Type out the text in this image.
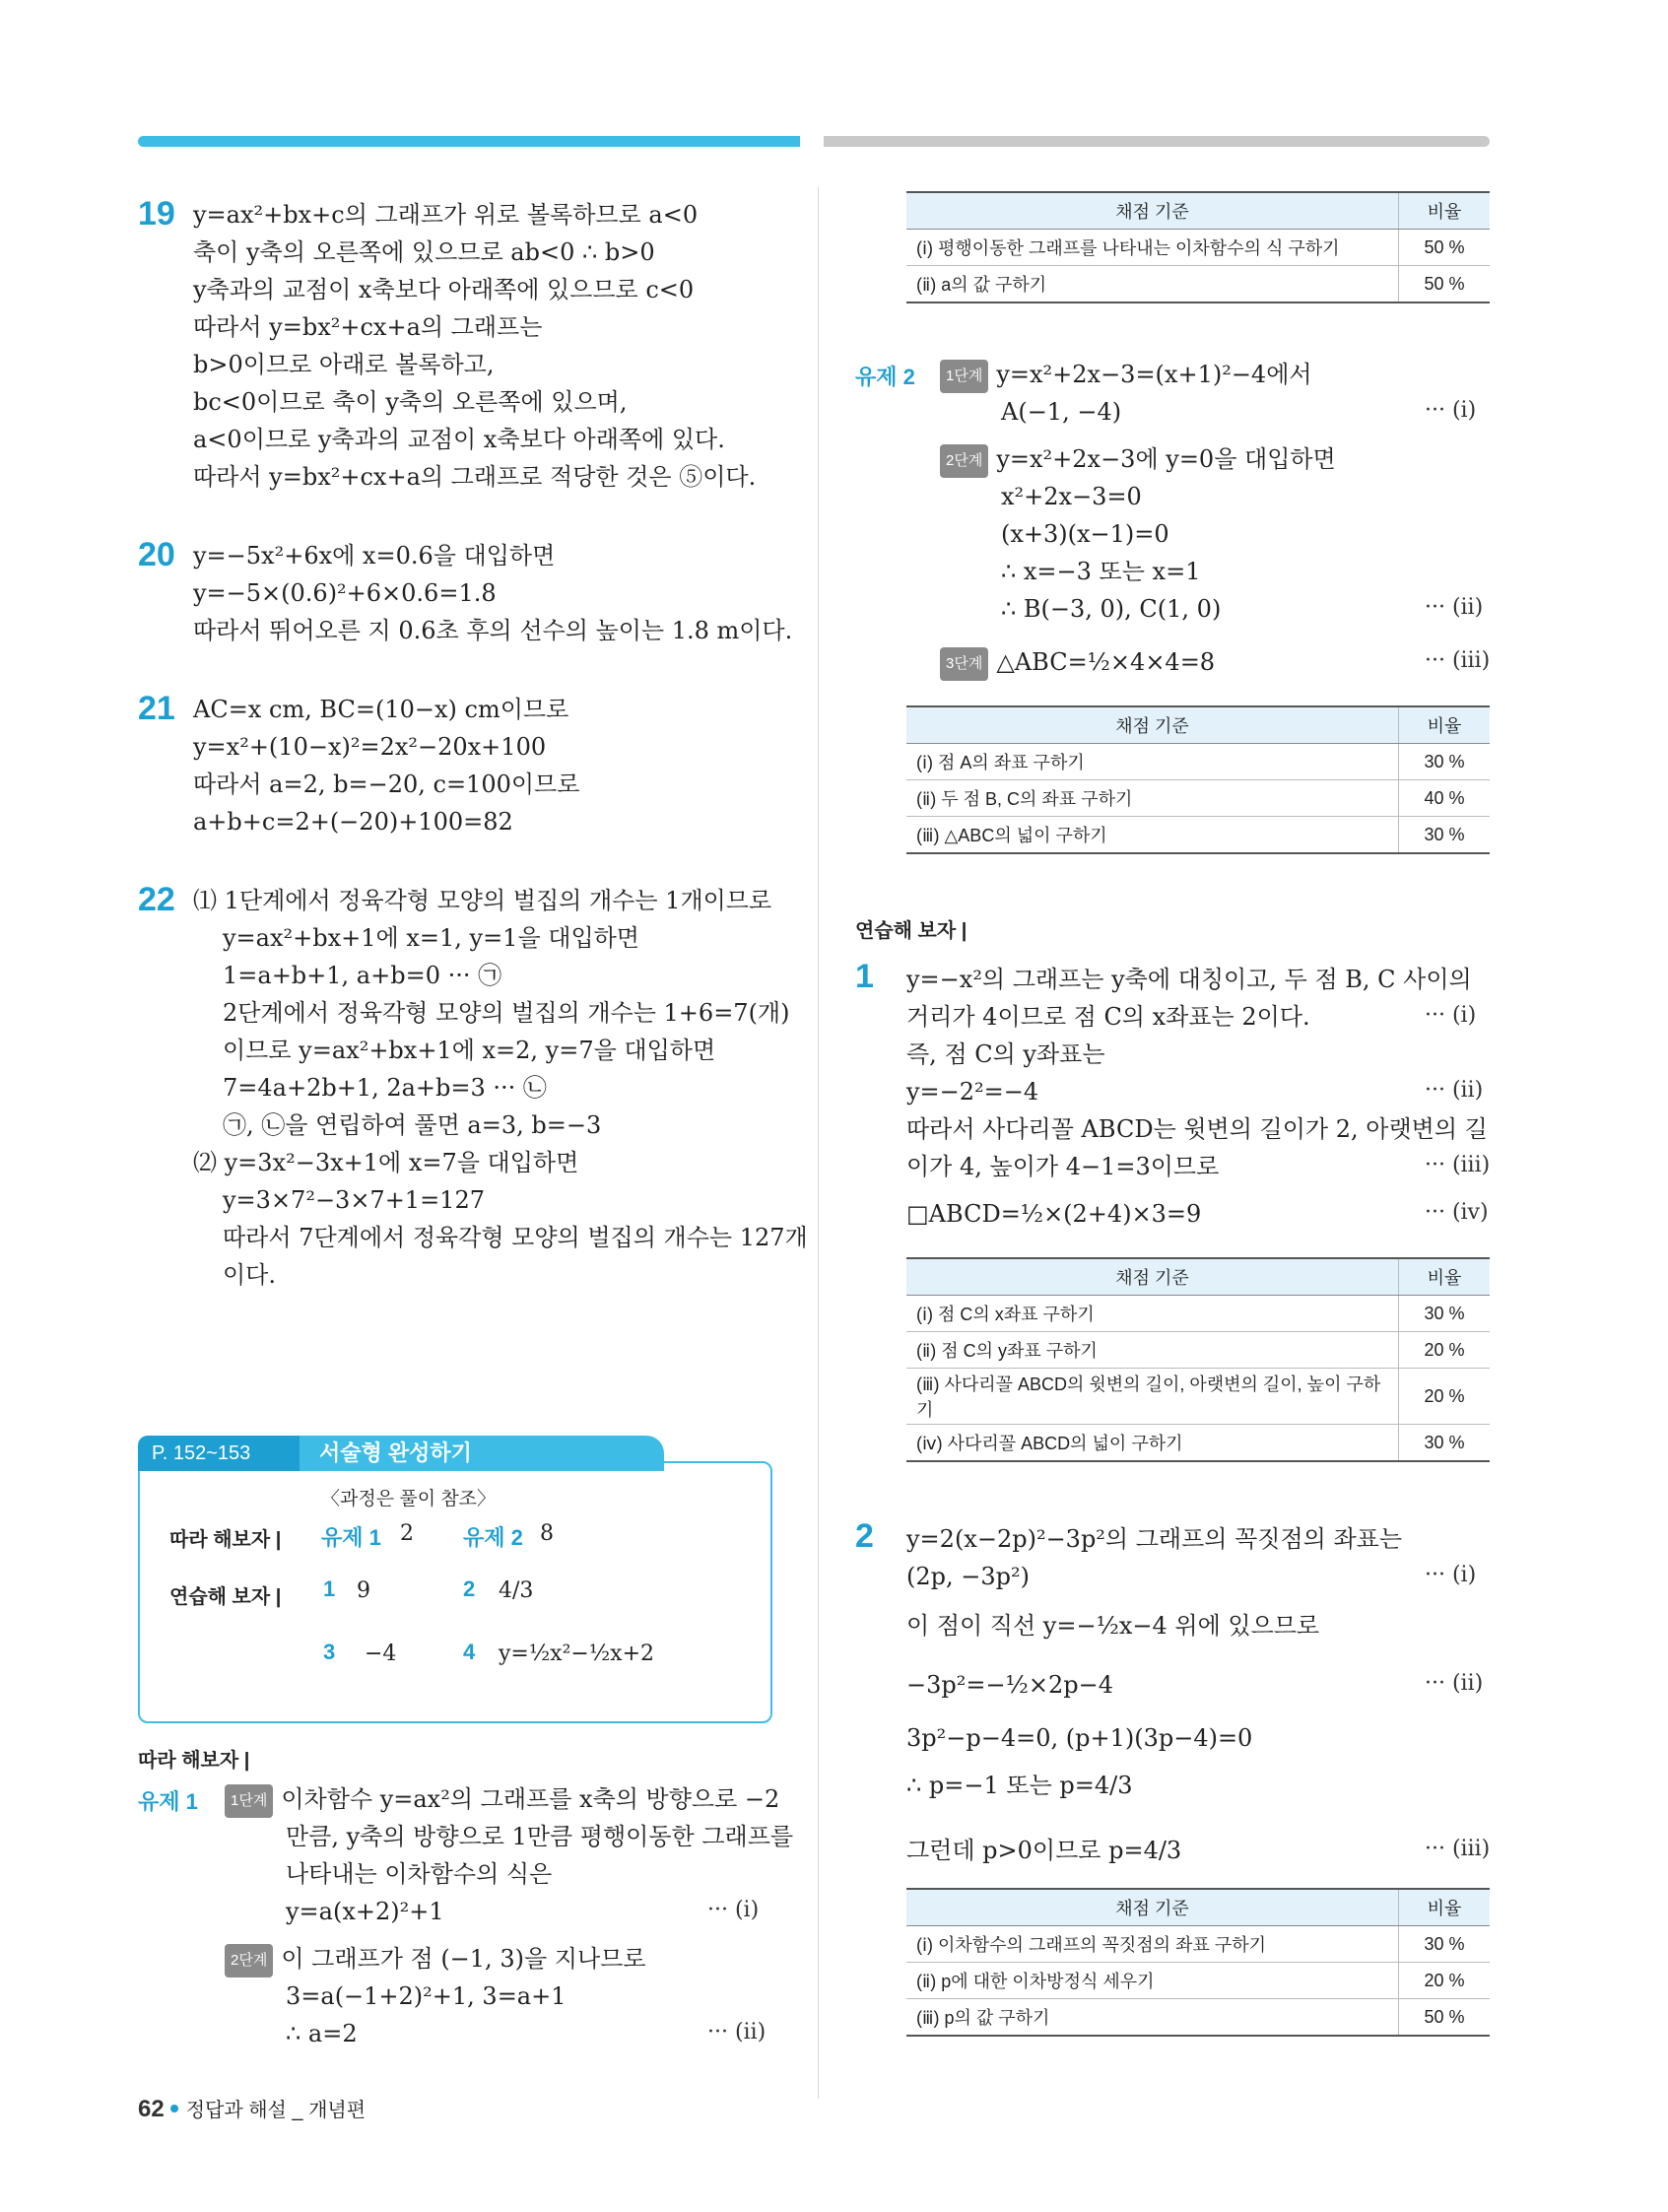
19 y=ax²+bx+c의 그래프가 위로 볼록하므로 a<0
축이 y축의 오른쪽에 있으므로 ab<0 ∴ b>0
y축과의 교점이 x축보다 아래쪽에 있으므로 c<0
따라서 y=bx²+cx+a의 그래프는
b>0이므로 아래로 볼록하고,
bc<0이므로 축이 y축의 오른쪽에 있으며,
a<0이므로 y축과의 교점이 x축보다 아래쪽에 있다.
따라서 y=bx²+cx+a의 그래프로 적당한 것은 ⑤이다.
20 y=−5x²+6x에 x=0.6을 대입하면
y=−5×(0.6)²+6×0.6=1.8
따라서 뛰어오른 지 0.6초 후의 선수의 높이는 1.8 m이다.
21 AC=x cm, BC=(10−x) cm이므로
y=x²+(10−x)²=2x²−20x+100
따라서 a=2, b=−20, c=100이므로
a+b+c=2+(−20)+100=82
22 ⑴ 1단계에서 정육각형 모양의 벌집의 개수는 1개이므로
y=ax²+bx+1에 x=1, y=1을 대입하면
1=a+b+1, a+b=0 ··· ㉠
2단계에서 정육각형 모양의 벌집의 개수는 1+6=7(개)
이므로 y=ax²+bx+1에 x=2, y=7을 대입하면
7=4a+2b+1, 2a+b=3 ··· ㉡
㉠, ㉡을 연립하여 풀면 a=3, b=−3
⑵ y=3x²−3x+1에 x=7을 대입하면
y=3×7²−3×7+1=127
따라서 7단계에서 정육각형 모양의 벌집의 개수는 127개
이다.
P. 152~153	서술형 완성하기
〈과정은 풀이 참조〉
따라 해보자 | 유제 1 2 유제 2 8
연습해 보자 | 1 9	2 4/3
3 −4	4 y=½x²−½x+2
따라 해보자 |
유제 1	1단계 이차함수 y=ax²의 그래프를 x축의 방향으로 −2
만큼, y축의 방향으로 1만큼 평행이동한 그래프를
나타내는 이차함수의 식은
y=a(x+2)²+1	··· (ⅰ)
2단계 이 그래프가 점 (−1, 3)을 지나므로
3=a(−1+2)²+1, 3=a+1
∴ a=2	··· (ⅱ)
채점 기준	비율
(ⅰ) 평행이동한 그래프를 나타내는 이차함수의 식 구하기	50 %
(ⅱ) a의 값 구하기	50 %
유제 2	1단계 y=x²+2x−3=(x+1)²−4에서
A(−1, −4)	··· (ⅰ)
2단계 y=x²+2x−3에 y=0을 대입하면
x²+2x−3=0
(x+3)(x−1)=0
∴ x=−3 또는 x=1
∴ B(−3, 0), C(1, 0)	··· (ⅱ)
3단계 △ABC=½×4×4=8	··· (ⅲ)
채점 기준	비율
(ⅰ) 점 A의 좌표 구하기	30 %
(ⅱ) 두 점 B, C의 좌표 구하기	40 %
(ⅲ) △ABC의 넓이 구하기	30 %
연습해 보자 |
1 y=−x²의 그래프는 y축에 대칭이고, 두 점 B, C 사이의
거리가 4이므로 점 C의 x좌표는 2이다.	··· (ⅰ)
즉, 점 C의 y좌표는
y=−2²=−4	··· (ⅱ)
따라서 사다리꼴 ABCD는 윗변의 길이가 2, 아랫변의 길
이가 4, 높이가 4−1=3이므로	··· (ⅲ)
□ABCD=½×(2+4)×3=9	··· (ⅳ)
채점 기준	비율
(ⅰ) 점 C의 x좌표 구하기	30 %
(ⅱ) 점 C의 y좌표 구하기	20 %
(ⅲ) 사다리꼴 ABCD의 윗변의 길이, 아랫변의 길이, 높이 구하기	20 %
(ⅳ) 사다리꼴 ABCD의 넓이 구하기	30 %
2 y=2(x−2p)²−3p²의 그래프의 꼭짓점의 좌표는
(2p, −3p²)	··· (ⅰ)
이 점이 직선 y=−½x−4 위에 있으므로
−3p²=−½×2p−4	··· (ⅱ)
3p²−p−4=0, (p+1)(3p−4)=0
∴ p=−1 또는 p=4/3
그런데 p>0이므로 p=4/3	··· (ⅲ)
채점 기준	비율
(ⅰ) 이차함수의 그래프의 꼭짓점의 좌표 구하기	30 %
(ⅱ) p에 대한 이차방정식 세우기	20 %
(ⅲ) p의 값 구하기	50 %
62 정답과 해설 _ 개념편
